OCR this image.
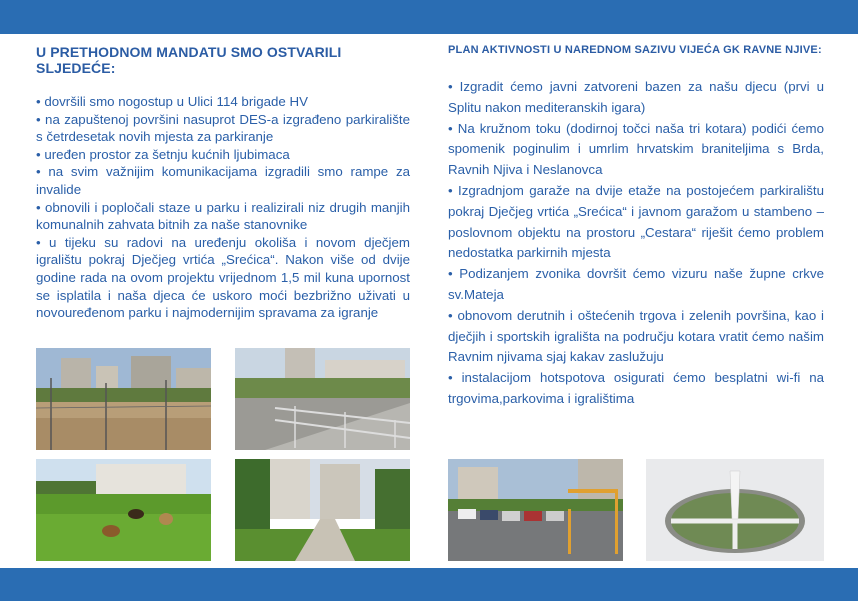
U PRETHODNOM MANDATU SMO OSTVARILI SLJEDEĆE:
• dovršili smo nogostup u Ulici 114 brigade HV
• na zapuštenoj površini nasuprot DES-a izgrađeno parkiralište s četrdesetak novih mjesta za parkiranje
• uređen prostor za šetnju kućnih ljubimaca
• na svim važnijim komunikacijama izgradili smo rampe za invalide
• obnovili i popločali staze u parku i realizirali niz drugih manjih komunalnih zahvata bitnih za naše stanovnike
• u tijeku su radovi na uređenju okoliša i novom dječjem igralištu pokraj Dječjeg vrtića „Srećica“. Nakon više od dvije godine rada na ovom projektu vrijednom 1,5 mil kuna upornost se isplatila i naša djeca će uskoro moći bezbrižno uživati u novouređenom parku i najmodernijim spravama za igranje
PLAN AKTIVNOSTI U NAREDNOM SAZIVU VIJEĆA GK RAVNE NJIVE:
• Izgradit ćemo javni zatvoreni bazen za našu djecu (prvi u Splitu nakon mediteranskih igara)
• Na kružnom toku (dodirnoj točci naša tri kotara) podići ćemo spomenik poginulim i umrlim hrvatskim braniteljima s Brda, Ravnih Njiva i Neslanovca
• Izgradnjom garaže na dvije etaže na postojećem parkiralištu pokraj Dječjeg vrtića „Srećica“ i javnom garažom u stambeno – poslovnom objektu na prostoru „Cestara“ riješit ćemo problem nedostatka parkirnih mjesta
• Podizanjem zvonika dovršit ćemo vizuru naše župne crkve sv.Mateja
• obnovom derutnih i oštećenih trgova i zelenih površina, kao i dječjih i sportskih igrališta na području kotara vratit ćemo našim Ravnim njivama sjaj kakav zaslužuju
• instalacijom hotspotova osigurati ćemo besplatni wi-fi na trgovima,parkovima i igralištima
